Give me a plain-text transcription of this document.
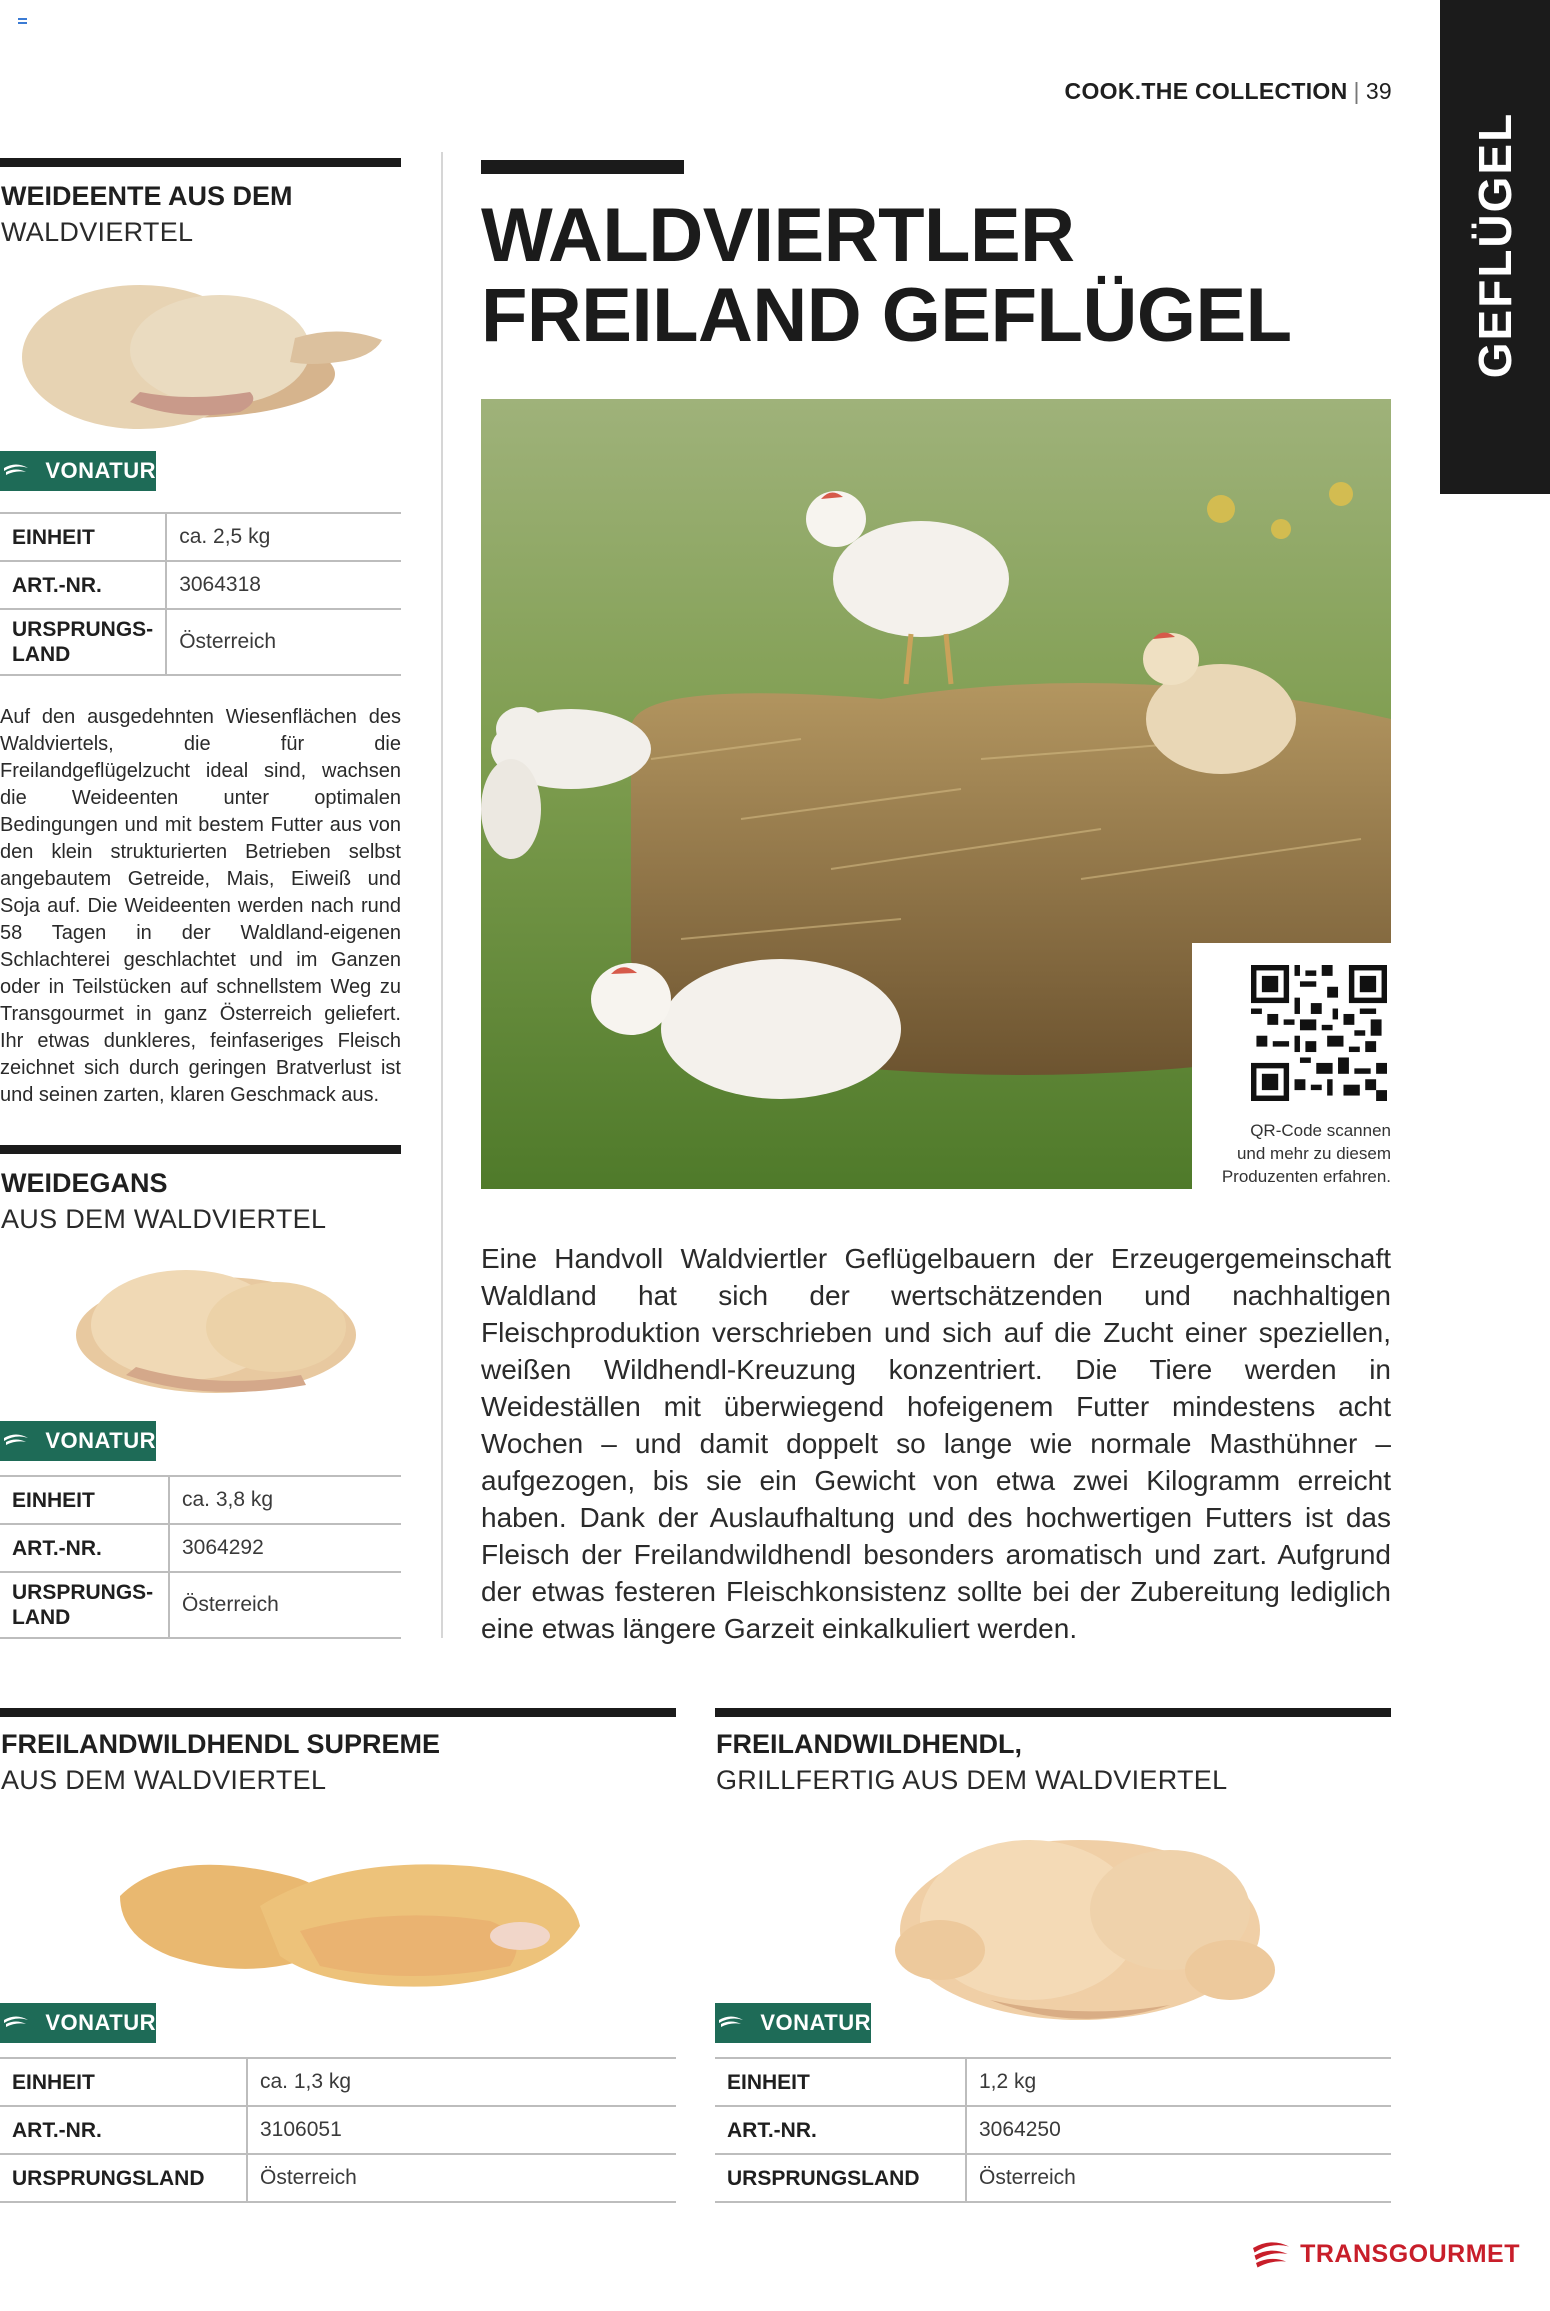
COOK.THE COLLECTION | 39
GEFLÜGEL
WEIDEENTE AUS DEM
WALDVIERTEL
VONATUR
EINHEIT	ca. 2,5 kg
ART.-NR.	3064318
URSPRUNGS-
LAND	Österreich
Auf den ausgedehnten Wiesenflächen des Waldviertels, die für die Freilandgeflügelzucht ideal sind, wachsen die Weideenten unter optimalen Bedingungen und mit bestem Futter aus von den klein strukturierten Betrieben selbst angebautem Getreide, Mais, Eiweiß und Soja auf. Die Weideenten werden nach rund 58 Tagen in der Waldland-eigenen Schlachterei geschlachtet und im Ganzen oder in Teilstücken auf schnellstem Weg zu Transgourmet in ganz Österreich geliefert. Ihr etwas dunkleres, feinfaseriges Fleisch zeichnet sich durch geringen Bratverlust ist und seinen zarten, klaren Geschmack aus.
WEIDEGANS
AUS DEM WALDVIERTEL
VONATUR
EINHEIT	ca. 3,8 kg
ART.-NR.	3064292
URSPRUNGS-
LAND	Österreich
WALDVIERTLER
FREILAND GEFLÜGEL
QR-Code scannen
und mehr zu diesem
Produzenten erfahren.
Eine Handvoll Waldviertler Geflügelbauern der Erzeugergemeinschaft Waldland hat sich der wertschätzenden und nachhaltigen Fleischproduktion verschrieben und sich auf die Zucht einer speziellen, weißen Wildhendl-Kreuzung konzentriert. Die Tiere werden in Weideställen mit überwiegend hofeigenem Futter mindestens acht Wochen – und damit doppelt so lange wie normale Masthühner – aufgezogen, bis sie ein Gewicht von etwa zwei Kilogramm erreicht haben. Dank der Auslaufhaltung und des hochwertigen Futters ist das Fleisch der Freilandwildhendl besonders aromatisch und zart. Aufgrund der etwas festeren Fleischkonsistenz sollte bei der Zubereitung lediglich eine etwas längere Garzeit einkalkuliert werden.
FREILANDWILDHENDL SUPREME
AUS DEM WALDVIERTEL
VONATUR
EINHEIT	ca. 1,3 kg
ART.-NR.	3106051
URSPRUNGSLAND	Österreich
FREILANDWILDHENDL,
GRILLFERTIG AUS DEM WALDVIERTEL
VONATUR
EINHEIT	1,2 kg
ART.-NR.	3064250
URSPRUNGSLAND	Österreich
TRANSGOURMET
